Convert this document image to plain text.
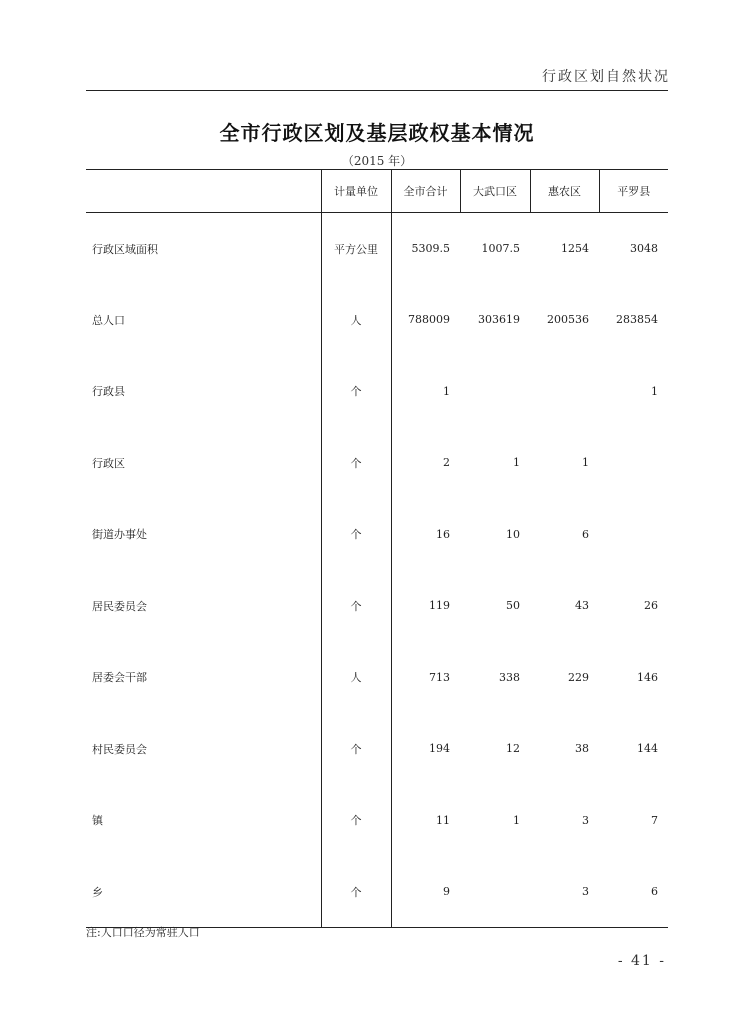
行政区划自然状况
全市行政区划及基层政权基本情况
（2015 年）
	计量单位	全市合计	大武口区	惠农区	平罗县
行政区域面积	平方公里	5309.5	1007.5	1254	3048
总人口	人	788009	303619	200536	283854
行政县	个	1			1
行政区	个	2	1	1	
街道办事处	个	16	10	6	
居民委员会	个	119	50	43	26
居委会干部	人	713	338	229	146
村民委员会	个	194	12	38	144
镇	个	11	1	3	7
乡	个	9		3	6
注:人口口径为常驻人口
- 41 -
